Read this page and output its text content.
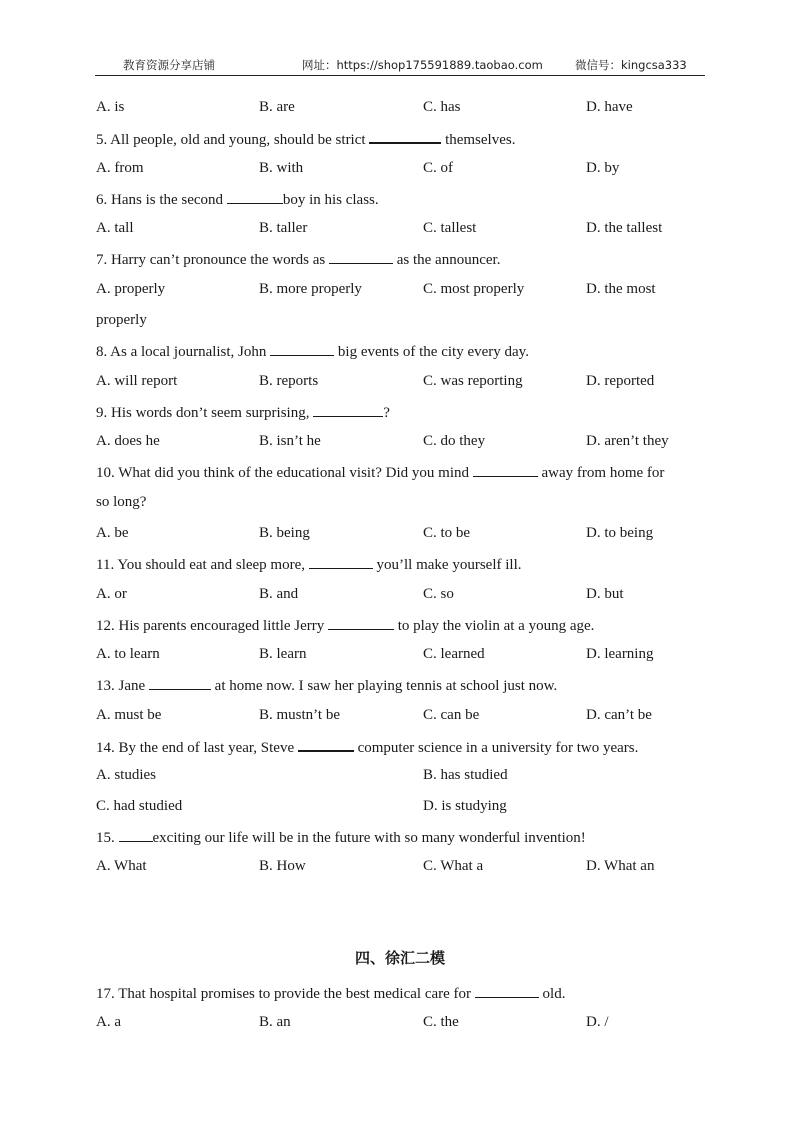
教育资源分享店铺	网址：https://shop175591889.taobao.com	微信号：kingcsa333
A. is	B. are	C. has	D. have
5. All people, old and young, should be strict	themselves.
A. from	B. with	C. of	D. by
6. Hans is the second	boy in his class.
A. tall	B. taller	C. tallest	D. the tallest
7. Harry can’t pronounce the words as	as the announcer.
A. properly	B. more properly	C. most properly	D. the most
properly
8. As a local journalist, John	big events of the city every day.
A. will report	B. reports	C. was reporting	D. reported
9. His words don’t seem surprising,	?
A. does he	B. isn’t he	C. do they	D. aren’t they
10. What did you think of the educational visit? Did you mind	away from home for
so long?
A. be	B. being	C. to be	D. to being
11. You should eat and sleep more,	you’ll make yourself ill.
A. or	B. and	C. so	D. but
12. His parents encouraged little Jerry	to play the violin at a young age.
A. to learn	B. learn	C. learned	D. learning
13. Jane	at home now. I saw her playing tennis at school just now.
A. must be	B. mustn’t be	C. can be	D. can’t be
14. By the end of last year, Steve	computer science in a university for two years.
A. studies	B. has studied
C. had studied	D. is studying
15. exciting our life will be in the future with so many wonderful invention!
A. What	B. How	C. What a	D. What an
四、徐汇二模
17. That hospital promises to provide the best medical care for	old.
A. a	B. an	C. the	D. /
